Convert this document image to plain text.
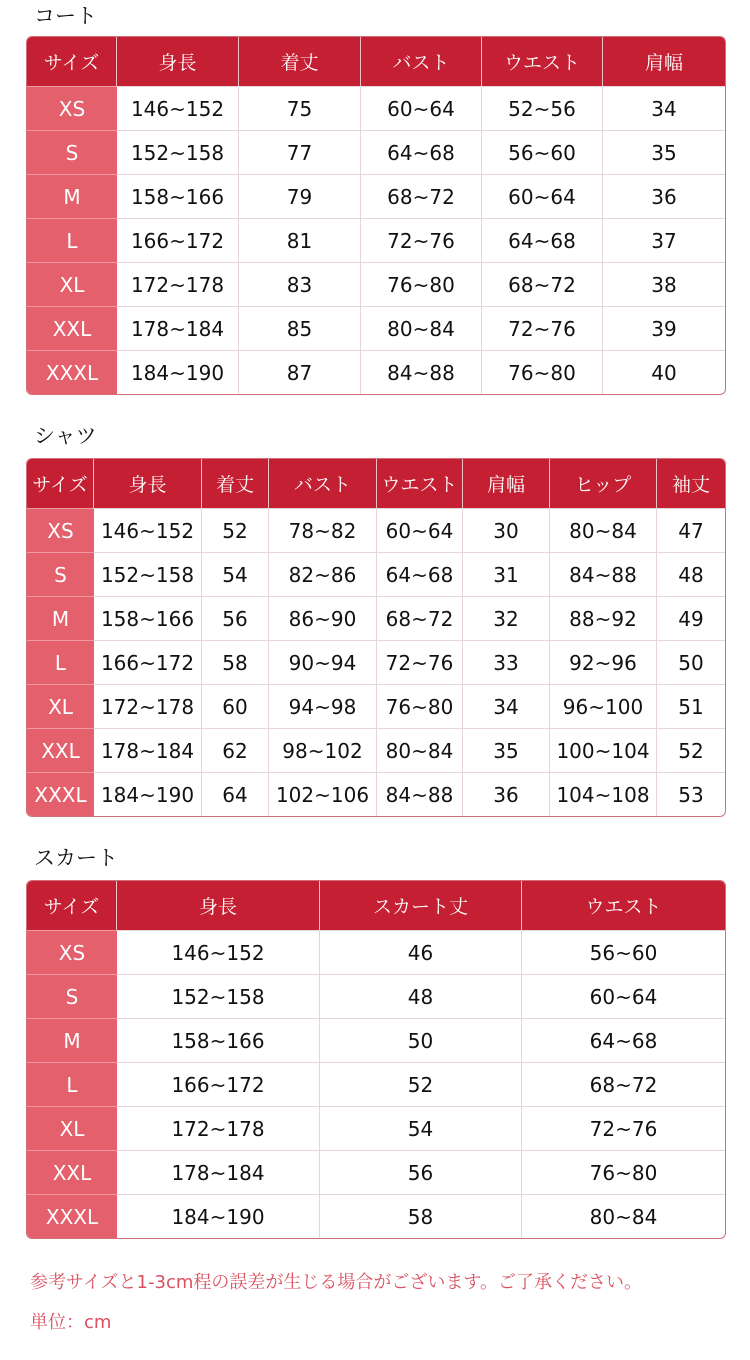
コート
サイズ	身長	着丈	バスト	ウエスト	肩幅
XS	146~152	75	60~64	52~56	34
S	152~158	77	64~68	56~60	35
M	158~166	79	68~72	60~64	36
L	166~172	81	72~76	64~68	37
XL	172~178	83	76~80	68~72	38
XXL	178~184	85	80~84	72~76	39
XXXL	184~190	87	84~88	76~80	40
シャツ
サイズ	身長	着丈	バスト	ウエスト	肩幅	ヒップ	袖丈
XS	146~152	52	78~82	60~64	30	80~84	47
S	152~158	54	82~86	64~68	31	84~88	48
M	158~166	56	86~90	68~72	32	88~92	49
L	166~172	58	90~94	72~76	33	92~96	50
XL	172~178	60	94~98	76~80	34	96~100	51
XXL	178~184	62	98~102	80~84	35	100~104	52
XXXL	184~190	64	102~106	84~88	36	104~108	53
スカート
サイズ	身長	スカート丈	ウエスト
XS	146~152	46	56~60
S	152~158	48	60~64
M	158~166	50	64~68
L	166~172	52	68~72
XL	172~178	54	72~76
XXL	178~184	56	76~80
XXXL	184~190	58	80~84
参考サイズと1-3cm程の誤差が生じる場合がございます。ご了承ください。
単位：cm
